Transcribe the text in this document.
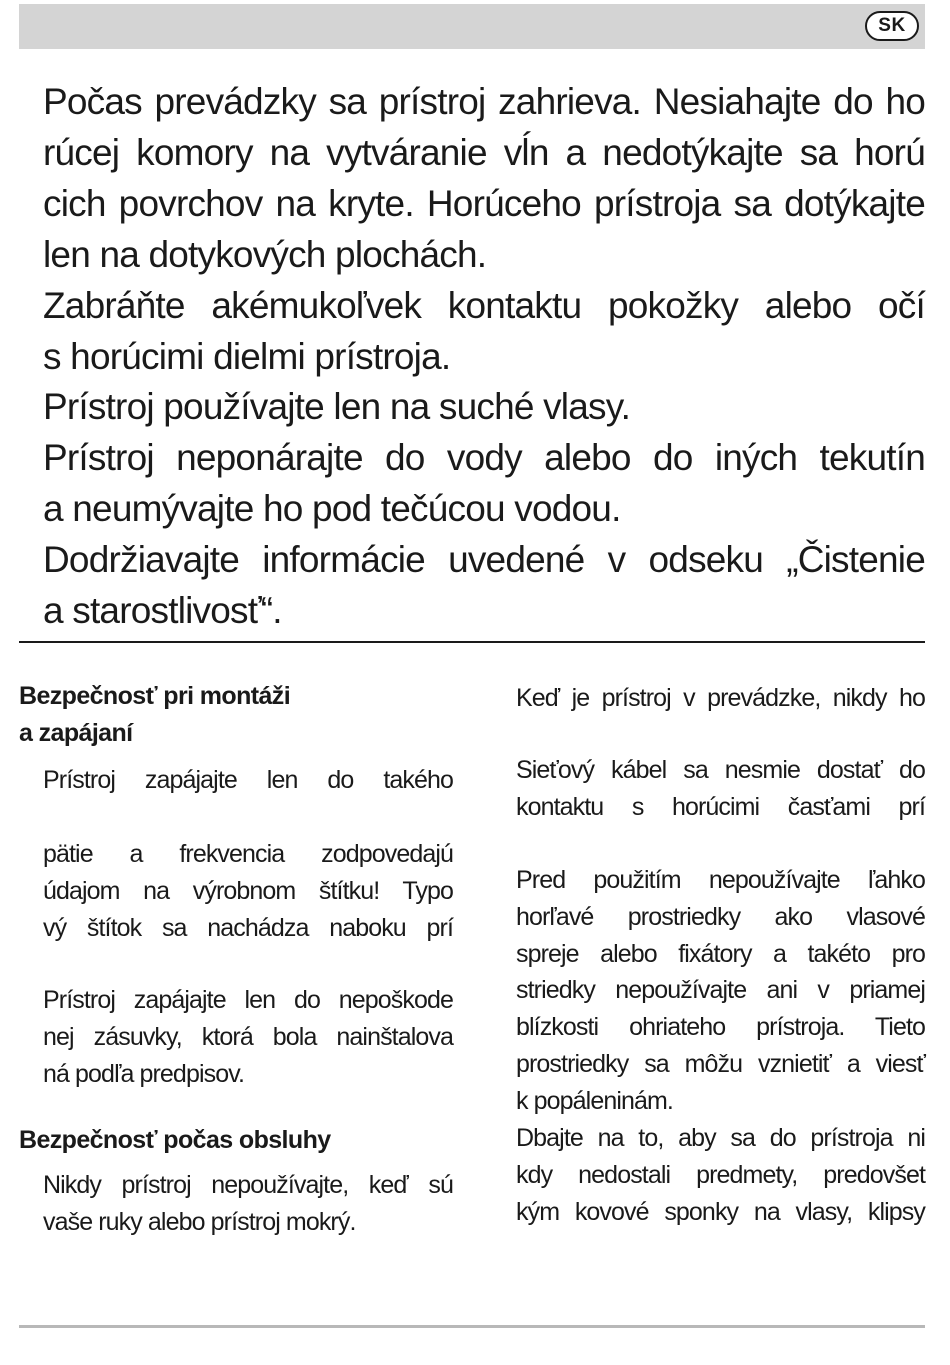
SK
Počas prevádzky sa prístroj zahrieva. Nesiahajte do ho
rúcej komory na vytváranie vĺn a nedotýkajte sa horú
cich povrchov na kryte. Horúceho prístroja sa dotýkajte
len na dotykových plochách.
Zabráňte akémukoľvek kontaktu pokožky alebo očí
s horúcimi dielmi prístroja.
Prístroj používajte len na suché vlasy.
Prístroj neponárajte do vody alebo do iných tekutín
a neumývajte ho pod tečúcou vodou.
Dodržiavajte informácie uvedené v odseku „Čistenie
a starostlivosť“.
Bezpečnosť pri montáži
a zapájaní
Prístroj zapájajte len do takého
pätie a frekvencia zodpovedajú
údajom na výrobnom štítku! Typo
vý štítok sa nachádza naboku prí
Prístroj zapájajte len do nepoškode
nej zásuvky, ktorá bola nainštalova
ná podľa predpisov.
Bezpečnosť počas obsluhy
Nikdy prístroj nepoužívajte, keď sú
vaše ruky alebo prístroj mokrý.
Keď je prístroj v prevádzke, nikdy ho
Sieťový kábel sa nesmie dostať do
kontaktu s horúcimi časťami prí
Pred použitím nepoužívajte ľahko
horľavé prostriedky ako vlasové
spreje alebo fixátory a takéto pro
striedky nepoužívajte ani v priamej
blízkosti ohriateho prístroja. Tieto
prostriedky sa môžu vznietiť a viesť
k popáleninám.
Dbajte na to, aby sa do prístroja ni
kdy nedostali predmety, predovšet
kým kovové sponky na vlasy, klipsy
